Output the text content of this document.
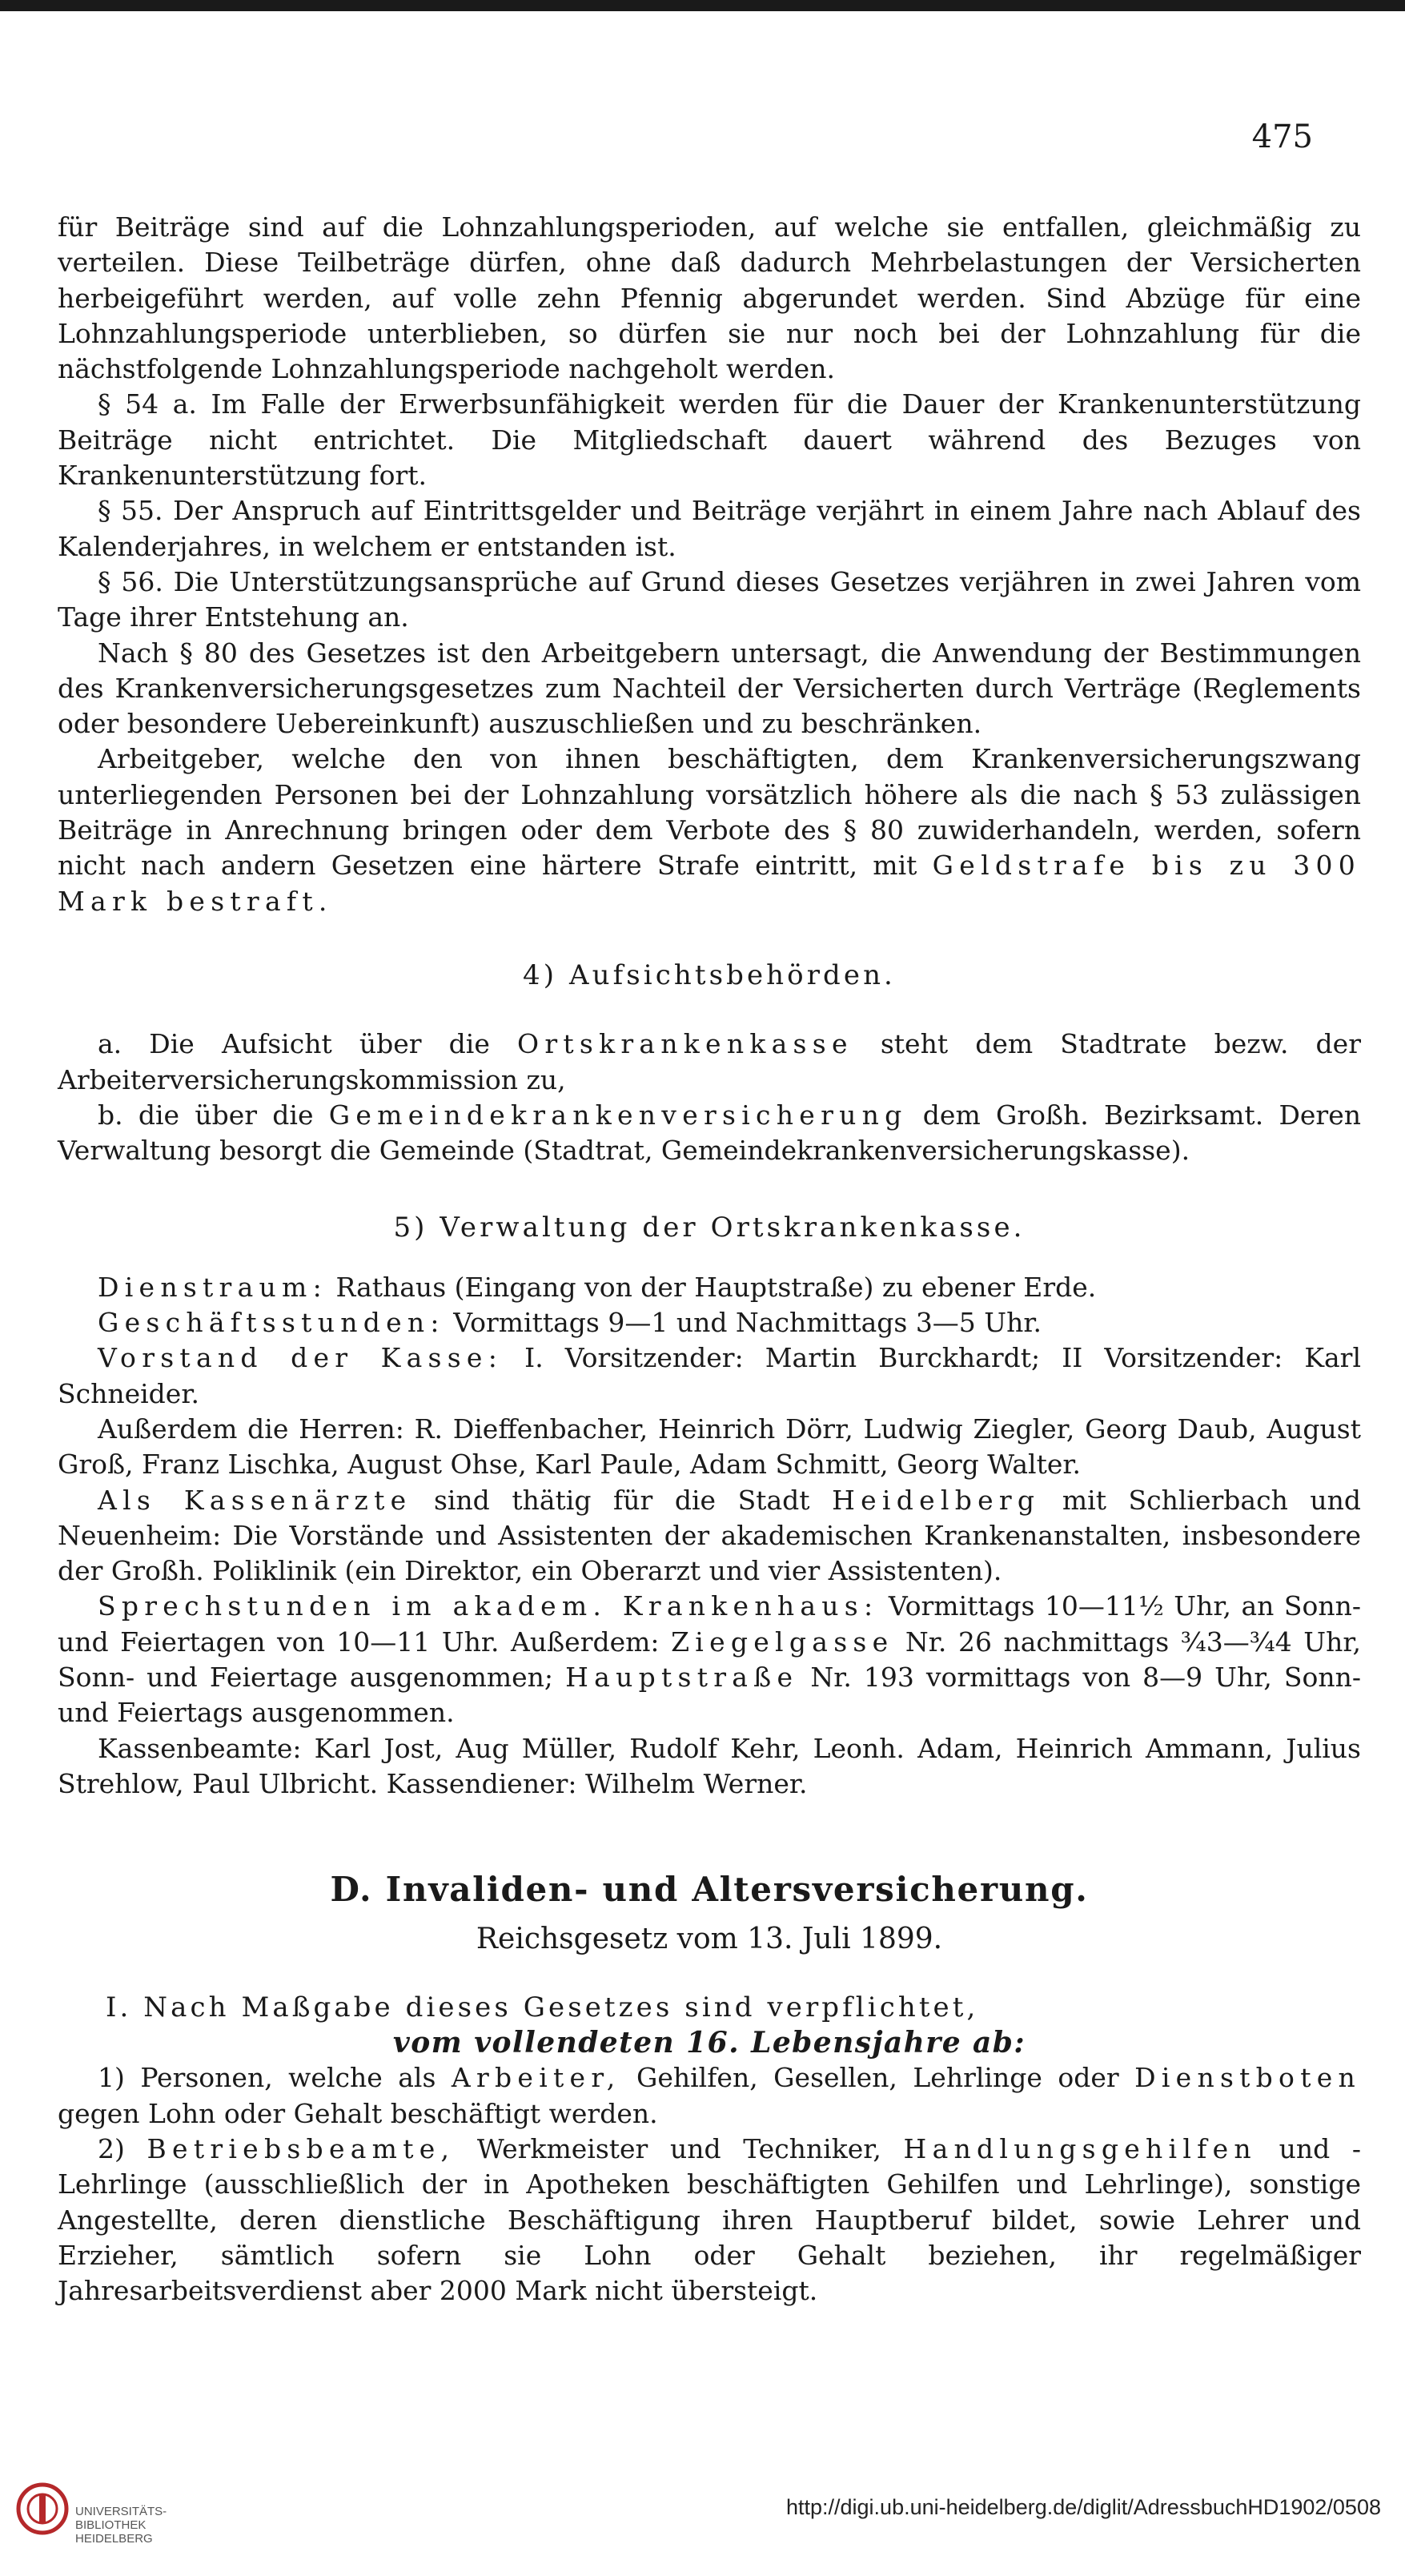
475

für Beiträge sind auf die Lohnzahlungsperioden, auf welche sie entfallen, gleichmäßig zu verteilen. Diese Teilbeträge dürfen, ohne daß dadurch Mehrbelastungen der Versicherten herbeigeführt werden, auf volle zehn Pfennig abgerundet werden. Sind Abzüge für eine Lohnzahlungsperiode unterblieben, so dürfen sie nur noch bei der Lohnzahlung für die nächstfolgende Lohnzahlungsperiode nachgeholt werden.

§ 54 a. Im Falle der Erwerbsunfähigkeit werden für die Dauer der Krankenunterstützung Beiträge nicht entrichtet. Die Mitgliedschaft dauert während des Bezuges von Krankenunterstützung fort.

§ 55. Der Anspruch auf Eintrittsgelder und Beiträge verjährt in einem Jahre nach Ablauf des Kalenderjahres, in welchem er entstanden ist.

§ 56. Die Unterstützungsansprüche auf Grund dieses Gesetzes verjähren in zwei Jahren vom Tage ihrer Entstehung an.

Nach § 80 des Gesetzes ist den Arbeitgebern untersagt, die Anwendung der Bestimmungen des Krankenversicherungsgesetzes zum Nachteil der Versicherten durch Verträge (Reglements oder besondere Uebereinkunft) auszuschließen und zu beschränken.

Arbeitgeber, welche den von ihnen beschäftigten, dem Krankenversicherungszwang unterliegenden Personen bei der Lohnzahlung vorsätzlich höhere als die nach § 53 zulässigen Beiträge in Anrechnung bringen oder dem Verbote des § 80 zuwiderhandeln, werden, sofern nicht nach andern Gesetzen eine härtere Strafe eintritt, mit Geldstrafe bis zu 300 Mark bestraft.

4) Aufsichtsbehörden.

a. Die Aufsicht über die Ortskrankenkasse steht dem Stadtrate bezw. der Arbeiterversicherungskommission zu,

b. die über die Gemeindekrankenversicherung dem Großh. Bezirksamt. Deren Verwaltung besorgt die Gemeinde (Stadtrat, Gemeindekrankenversicherungskasse).

5) Verwaltung der Ortskrankenkasse.

Dienstraum: Rathaus (Eingang von der Hauptstraße) zu ebener Erde.

Geschäftsstunden: Vormittags 9—1 und Nachmittags 3—5 Uhr.

Vorstand der Kasse: I. Vorsitzender: Martin Burckhardt; II Vorsitzender: Karl Schneider.

Außerdem die Herren: R. Dieffenbacher, Heinrich Dörr, Ludwig Ziegler, Georg Daub, August Groß, Franz Lischka, August Ohse, Karl Paule, Adam Schmitt, Georg Walter.

Als Kassenärzte sind thätig für die Stadt Heidelberg mit Schlierbach und Neuenheim: Die Vorstände und Assistenten der akademischen Krankenanstalten, insbesondere der Großh. Poliklinik (ein Direktor, ein Oberarzt und vier Assistenten).

Sprechstunden im akadem. Krankenhaus: Vormittags 10—11½ Uhr, an Sonn- und Feiertagen von 10—11 Uhr. Außerdem: Ziegelgasse Nr. 26 nachmittags ¾3—¾4 Uhr, Sonn- und Feiertage ausgenommen; Hauptstraße Nr. 193 vormittags von 8—9 Uhr, Sonn- und Feiertags ausgenommen.

Kassenbeamte: Karl Jost, Aug Müller, Rudolf Kehr, Leonh. Adam, Heinrich Ammann, Julius Strehlow, Paul Ulbricht. Kassendiener: Wilhelm Werner.

D. Invaliden- und Altersversicherung.

Reichsgesetz vom 13. Juli 1899.

I. Nach Maßgabe dieses Gesetzes sind verpflichtet,

vom vollendeten 16. Lebensjahre ab:

1) Personen, welche als Arbeiter, Gehilfen, Gesellen, Lehrlinge oder Dienstboten gegen Lohn oder Gehalt beschäftigt werden.

2) Betriebsbeamte, Werkmeister und Techniker, Handlungsgehilfen und -Lehrlinge (ausschließlich der in Apotheken beschäftigten Gehilfen und Lehrlinge), sonstige Angestellte, deren dienstliche Beschäftigung ihren Hauptberuf bildet, sowie Lehrer und Erzieher, sämtlich sofern sie Lohn oder Gehalt beziehen, ihr regelmäßiger Jahresarbeitsverdienst aber 2000 Mark nicht übersteigt.

UNIVERSITÄTS-
BIBLIOTHEK
HEIDELBERG
http://digi.ub.uni-heidelberg.de/diglit/AdressbuchHD1902/0508
